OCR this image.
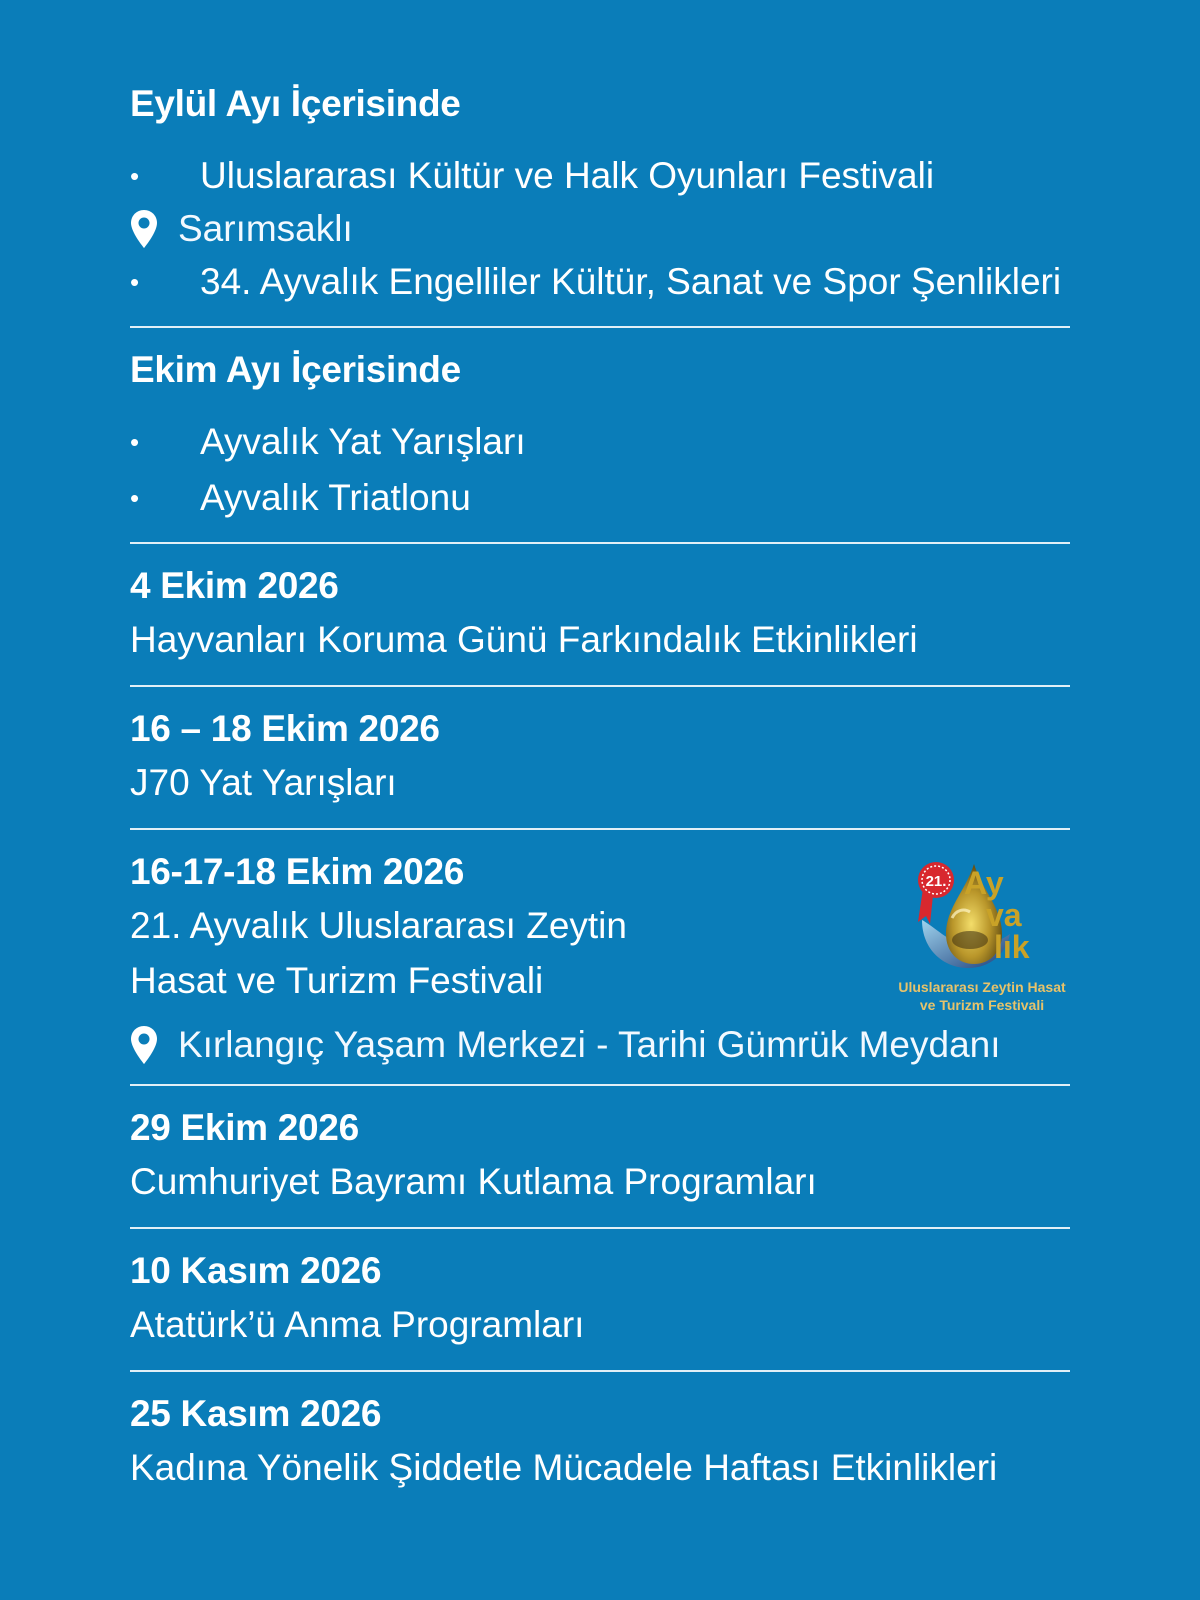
Eylül Ayı İçerisinde
• Uluslararası Kültür ve Halk Oyunları Festivali
Sarımsaklı
• 34. Ayvalık Engelliler Kültür, Sanat ve Spor Şenlikleri
Ekim Ayı İçerisinde
• Ayvalık Yat Yarışları
• Ayvalık Triatlonu
4 Ekim 2026
Hayvanları Koruma Günü Farkındalık Etkinlikleri
16 – 18 Ekim 2026
J70 Yat Yarışları
16-17-18 Ekim 2026
21. Ayvalık Uluslararası Zeytin
Hasat ve Turizm Festivali
Kırlangıç Yaşam Merkezi - Tarihi Gümrük Meydanı
21. Ay
va
lık
Uluslararası Zeytin Hasat
ve Turizm Festivali
29 Ekim 2026
Cumhuriyet Bayramı Kutlama Programları
10 Kasım 2026
Atatürk’ü Anma Programları
25 Kasım 2026
Kadına Yönelik Şiddetle Mücadele Haftası Etkinlikleri
